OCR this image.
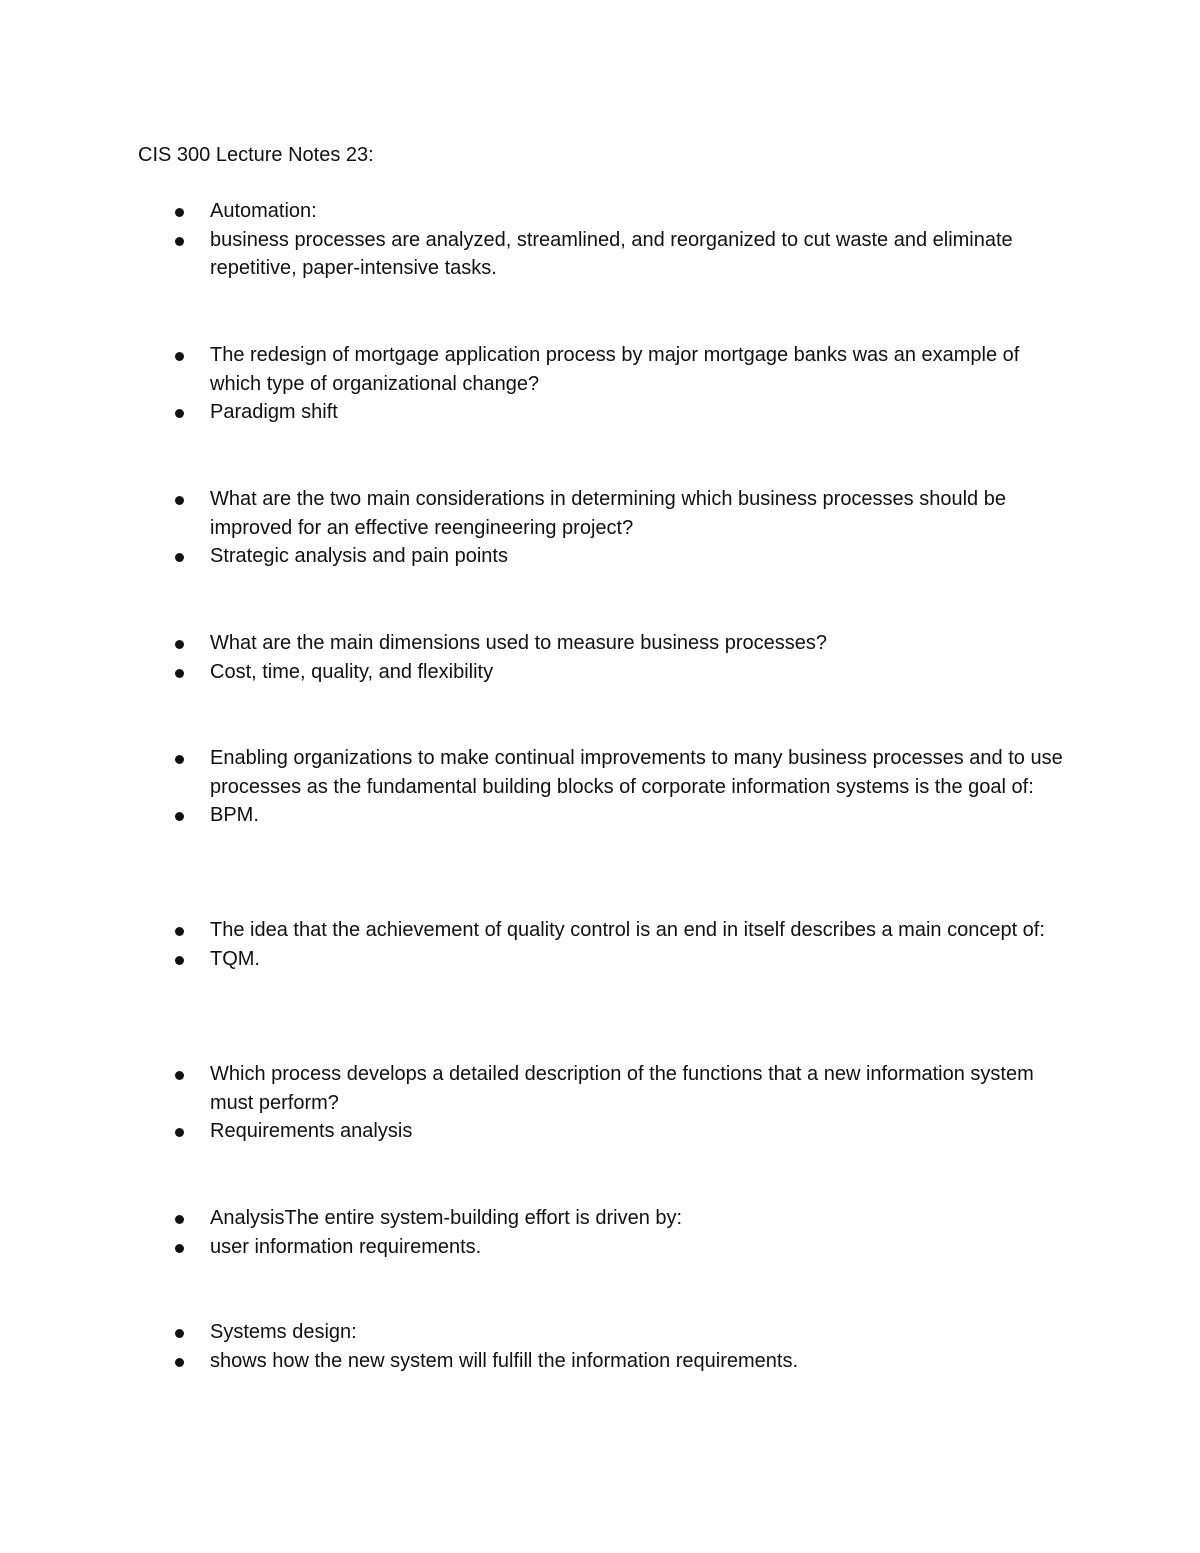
CIS 300 Lecture Notes 23:
Automation:
business processes are analyzed, streamlined, and reorganized to cut waste and eliminate repetitive, paper-intensive tasks.
The redesign of mortgage application process by major mortgage banks was an example of which type of organizational change?
Paradigm shift
What are the two main considerations in determining which business processes should be improved for an effective reengineering project?
Strategic analysis and pain points
What are the main dimensions used to measure business processes?
Cost, time, quality, and flexibility
Enabling organizations to make continual improvements to many business processes and to use processes as the fundamental building blocks of corporate information systems is the goal of:
BPM.
The idea that the achievement of quality control is an end in itself describes a main concept of:
TQM.
Which process develops a detailed description of the functions that a new information system must perform?
Requirements analysis
AnalysisThe entire system-building effort is driven by:
user information requirements.
Systems design:
shows how the new system will fulfill the information requirements.
